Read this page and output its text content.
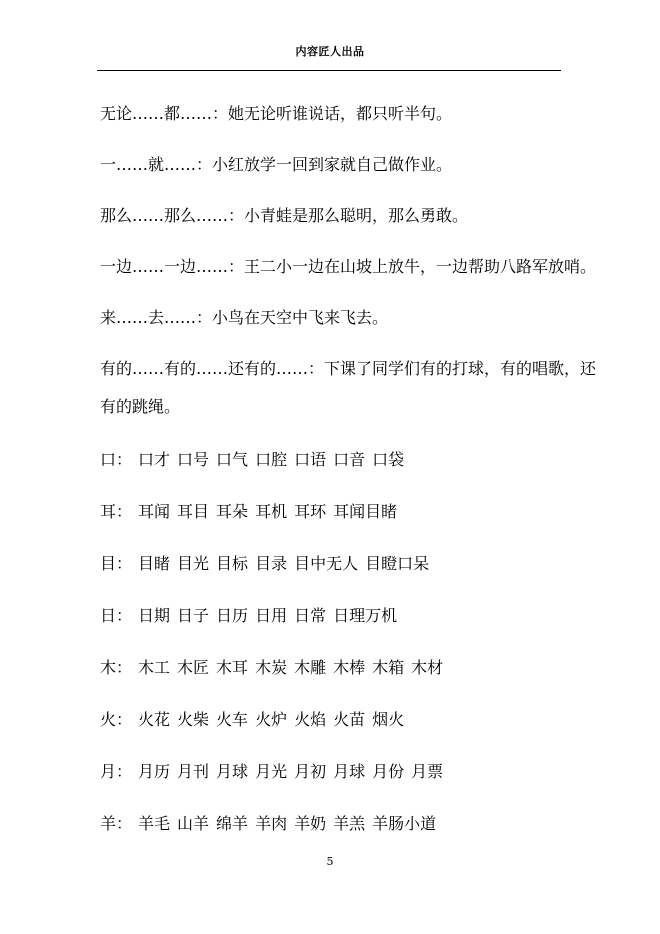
内容匠人出品
无论……都……：她无论听谁说话，都只听半句。
一……就……：小红放学一回到家就自己做作业。
那么……那么……：小青蛙是那么聪明，那么勇敢。
一边……一边……：王二小一边在山坡上放牛，一边帮助八路军放哨。
来……去……：小鸟在天空中飞来飞去。
有的……有的……还有的……：下课了同学们有的打球，有的唱歌，还
有的跳绳。
口： 口才 口号 口气 口腔 口语 口音 口袋
耳： 耳闻 耳目 耳朵 耳机 耳环 耳闻目睹
目： 目睹 目光 目标 目录 目中无人 目瞪口呆
日： 日期 日子 日历 日用 日常 日理万机
木： 木工 木匠 木耳 木炭 木雕 木棒 木箱 木材
火： 火花 火柴 火车 火炉 火焰 火苗 烟火
月： 月历 月刊 月球 月光 月初 月球 月份 月票
羊： 羊毛 山羊 绵羊 羊肉 羊奶 羊羔 羊肠小道
5
